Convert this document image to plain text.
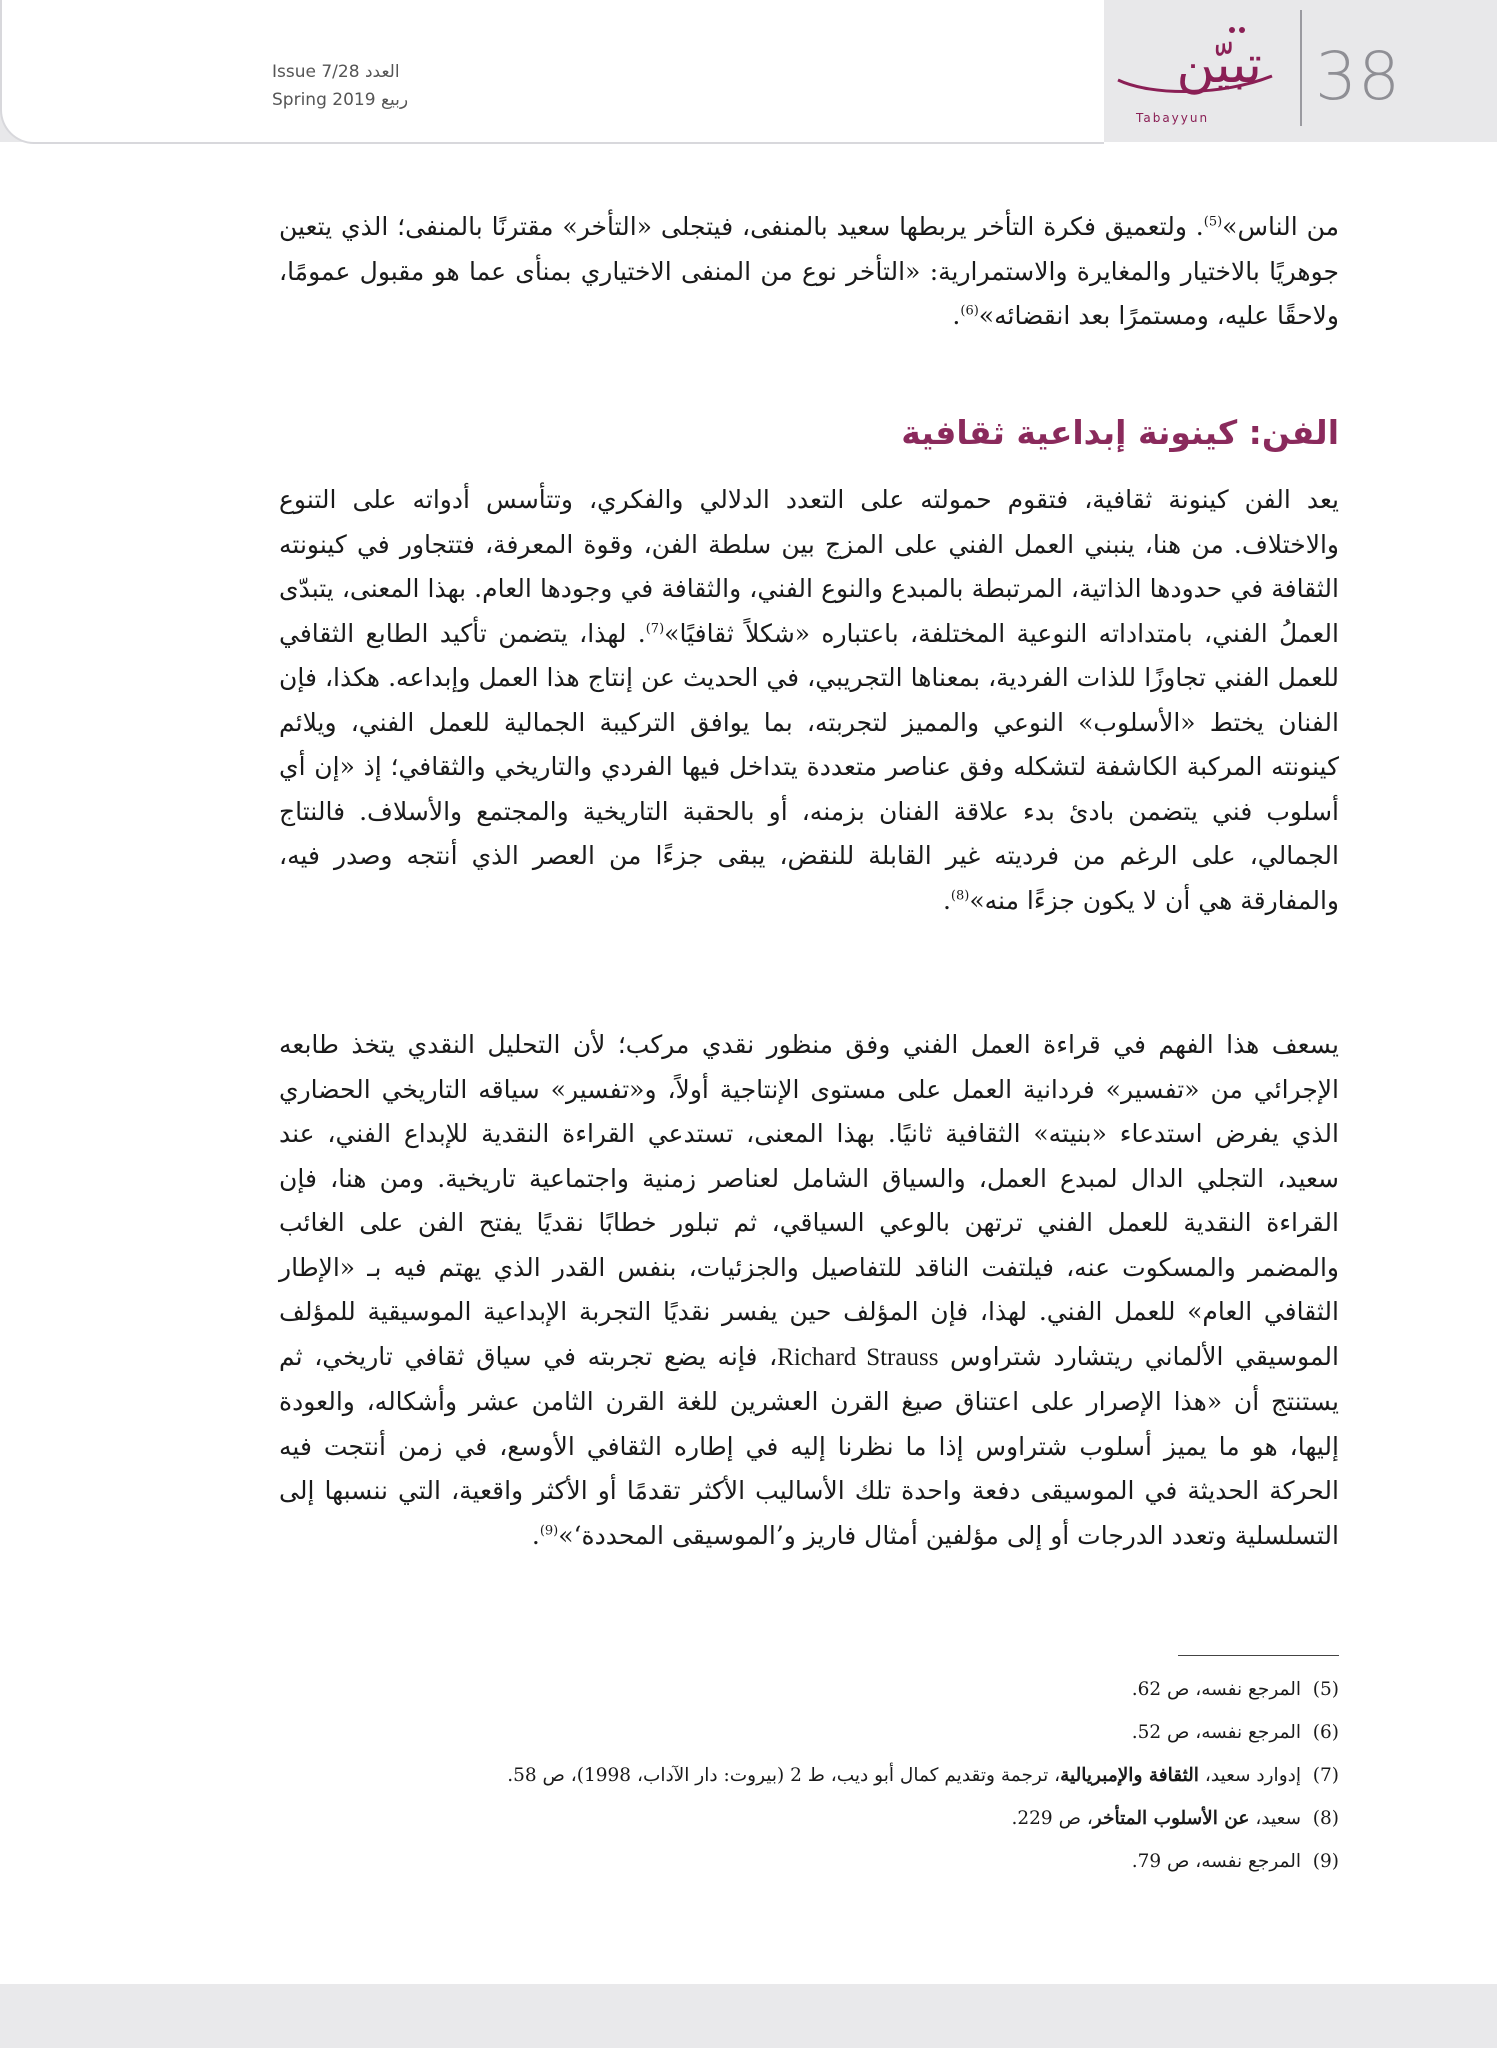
Issue 7/28 العدد
Spring 2019 ربيع
تبيّن
Tabayyun
38

من الناس»$^{(5)}$. ولتعميق فكرة التأخر يربطها سعيد بالمنفى، فيتجلى «التأخر» مقترنًا بالمنفى؛ الذي يتعين جوهريًا بالاختيار والمغايرة والاستمرارية: «التأخر نوع من المنفى الاختياري بمنأى عما هو مقبول عمومًا، ولاحقًا عليه، ومستمرًا بعد انقضائه»$^{(6)}$.

الفن: كينونة إبداعية ثقافية

يعد الفن كينونة ثقافية، فتقوم حمولته على التعدد الدلالي والفكري، وتتأسس أدواته على التنوع والاختلاف. من هنا، ينبني العمل الفني على المزج بين سلطة الفن، وقوة المعرفة، فتتجاور في كينونته الثقافة في حدودها الذاتية، المرتبطة بالمبدع والنوع الفني، والثقافة في وجودها العام. بهذا المعنى، يتبدّى العملُ الفني، بامتداداته النوعية المختلفة، باعتباره «شكلاً ثقافيًا»$^{(7)}$. لهذا، يتضمن تأكيد الطابع الثقافي للعمل الفني تجاوزًا للذات الفردية، بمعناها التجريبي، في الحديث عن إنتاج هذا العمل وإبداعه. هكذا، فإن الفنان يختط «الأسلوب» النوعي والمميز لتجربته، بما يوافق التركيبة الجمالية للعمل الفني، ويلائم كينونته المركبة الكاشفة لتشكله وفق عناصر متعددة يتداخل فيها الفردي والتاريخي والثقافي؛ إذ «إن أي أسلوب فني يتضمن بادئ بدء علاقة الفنان بزمنه، أو بالحقبة التاريخية والمجتمع والأسلاف. فالنتاج الجمالي، على الرغم من فرديته غير القابلة للنقض، يبقى جزءًا من العصر الذي أنتجه وصدر فيه، والمفارقة هي أن لا يكون جزءًا منه»$^{(8)}$.

يسعف هذا الفهم في قراءة العمل الفني وفق منظور نقدي مركب؛ لأن التحليل النقدي يتخذ طابعه الإجرائي من «تفسير» فردانية العمل على مستوى الإنتاجية أولاً، و«تفسير» سياقه التاريخي الحضاري الذي يفرض استدعاء «بنيته» الثقافية ثانيًا. بهذا المعنى، تستدعي القراءة النقدية للإبداع الفني، عند سعيد، التجلي الدال لمبدع العمل، والسياق الشامل لعناصر زمنية واجتماعية تاريخية. ومن هنا، فإن القراءة النقدية للعمل الفني ترتهن بالوعي السياقي، ثم تبلور خطابًا نقديًا يفتح الفن على الغائب والمضمر والمسكوت عنه، فيلتفت الناقد للتفاصيل والجزئيات، بنفس القدر الذي يهتم فيه بـ «الإطار الثقافي العام» للعمل الفني. لهذا، فإن المؤلف حين يفسر نقديًا التجربة الإبداعية الموسيقية للمؤلف الموسيقي الألماني ريتشارد شتراوس Richard Strauss، فإنه يضع تجربته في سياق ثقافي تاريخي، ثم يستنتج أن «هذا الإصرار على اعتناق صيغ القرن العشرين للغة القرن الثامن عشر وأشكاله، والعودة إليها، هو ما يميز أسلوب شتراوس إذا ما نظرنا إليه في إطاره الثقافي الأوسع، في زمن أنتجت فيه الحركة الحديثة في الموسيقى دفعة واحدة تلك الأساليب الأكثر تقدمًا أو الأكثر واقعية، التي ننسبها إلى التسلسلية وتعدد الدرجات أو إلى مؤلفين أمثال فاريز و’الموسيقى المحددة‘»$^{(9)}$.

(5)  المرجع نفسه، ص 62.
(6)  المرجع نفسه، ص 52.
(7)  إدوارد سعيد، الثقافة والإمبريالية، ترجمة وتقديم كمال أبو ديب، ط 2 (بيروت: دار الآداب، 1998)، ص 58.
(8)  سعيد، عن الأسلوب المتأخر، ص 229.
(9)  المرجع نفسه، ص 79.
